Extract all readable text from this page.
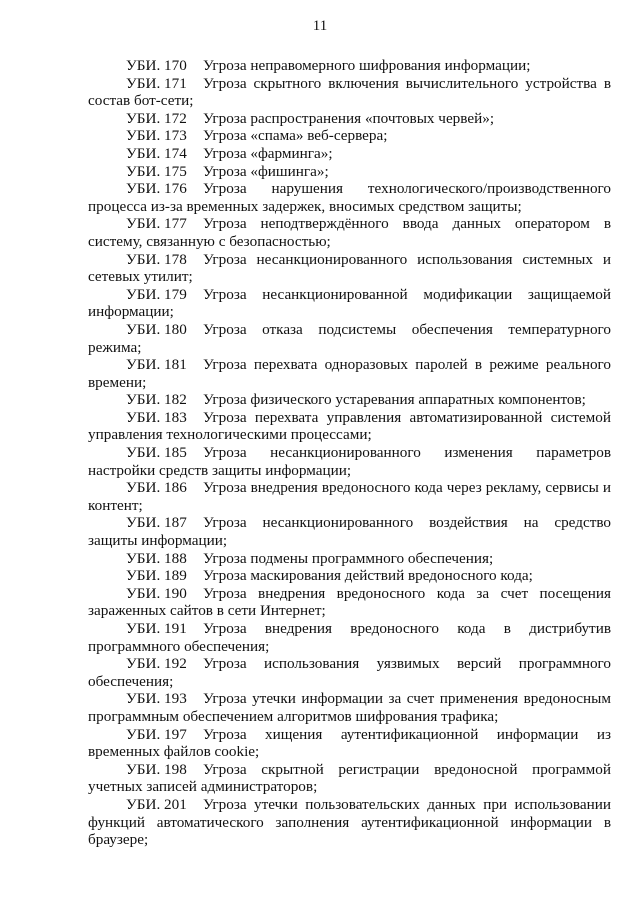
11

УБИ. 170 Угроза неправомерного шифрования информации;

УБИ. 171 Угроза скрытного включения вычислительного устройства в состав бот-сети;

УБИ. 172 Угроза распространения «почтовых червей»;

УБИ. 173 Угроза «спама» веб-сервера;

УБИ. 174 Угроза «фарминга»;

УБИ. 175 Угроза «фишинга»;

УБИ. 176 Угроза нарушения технологического/производственного процесса из-за временных задержек, вносимых средством защиты;

УБИ. 177 Угроза неподтверждённого ввода данных оператором в систему, связанную с безопасностью;

УБИ. 178 Угроза несанкционированного использования системных и сетевых утилит;

УБИ. 179 Угроза несанкционированной модификации защищаемой информации;

УБИ. 180 Угроза отказа подсистемы обеспечения температурного режима;

УБИ. 181 Угроза перехвата одноразовых паролей в режиме реального времени;

УБИ. 182 Угроза физического устаревания аппаратных компонентов;

УБИ. 183 Угроза перехвата управления автоматизированной системой управления технологическими процессами;

УБИ. 185 Угроза несанкционированного изменения параметров настройки средств защиты информации;

УБИ. 186 Угроза внедрения вредоносного кода через рекламу, сервисы и контент;

УБИ. 187 Угроза несанкционированного воздействия на средство защиты информации;

УБИ. 188 Угроза подмены программного обеспечения;

УБИ. 189 Угроза маскирования действий вредоносного кода;

УБИ. 190 Угроза внедрения вредоносного кода за счет посещения зараженных сайтов в сети Интернет;

УБИ. 191 Угроза внедрения вредоносного кода в дистрибутив программного обеспечения;

УБИ. 192 Угроза использования уязвимых версий программного обеспечения;

УБИ. 193 Угроза утечки информации за счет применения вредоносным программным обеспечением алгоритмов шифрования трафика;

УБИ. 197 Угроза хищения аутентификационной информации из временных файлов cookie;

УБИ. 198 Угроза скрытной регистрации вредоносной программой учетных записей администраторов;

УБИ. 201 Угроза утечки пользовательских данных при использовании функций автоматического заполнения аутентификационной информации в браузере;
